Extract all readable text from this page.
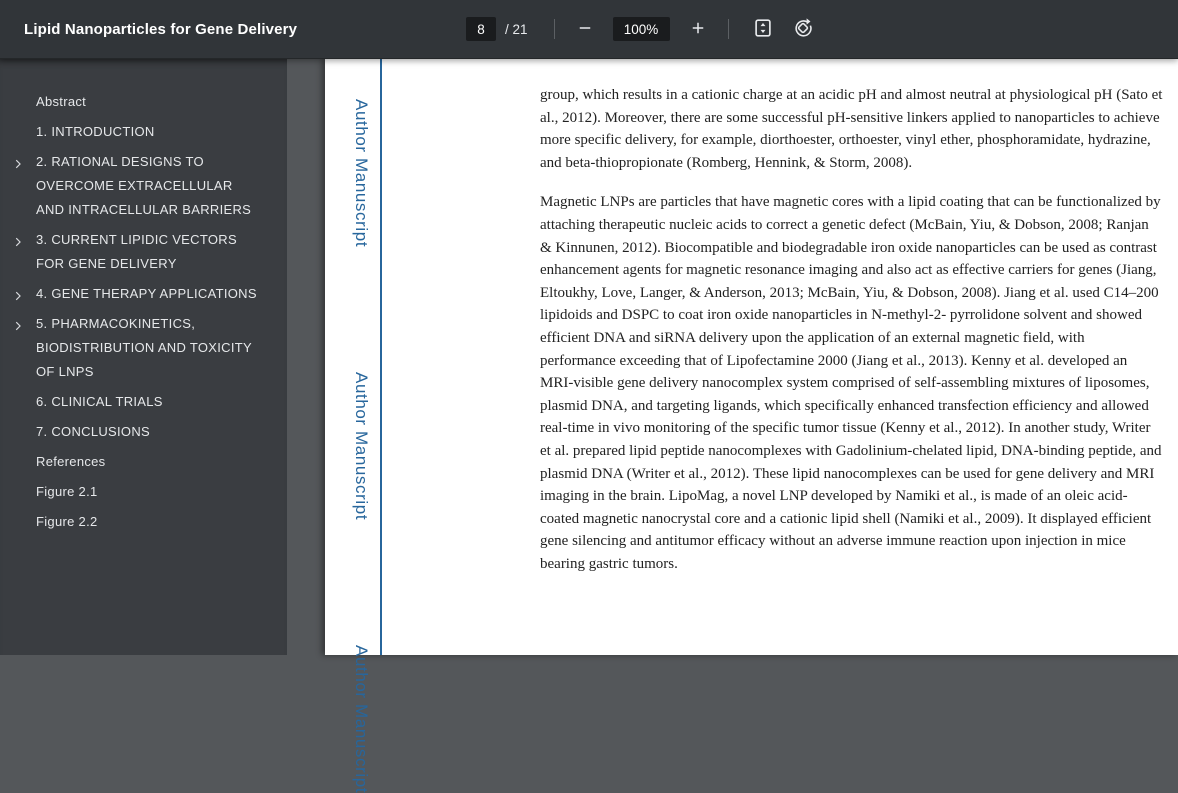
Lipid Nanoparticles for Gene Delivery
8	/ 21	100%
Abstract
1. INTRODUCTION
2. RATIONAL DESIGNS TO OVERCOME EXTRACELLULAR AND INTRACELLULAR BARRIERS
3. CURRENT LIPIDIC VECTORS FOR GENE DELIVERY
4. GENE THERAPY APPLICATIONS
5. PHARMACOKINETICS, BIODISTRIBUTION AND TOXICITY OF LNPS
6. CLINICAL TRIALS
7. CONCLUSIONS
References
Figure 2.1
Figure 2.2
Author Manuscript
Author Manuscript
Author Manuscript

group, which results in a cationic charge at an acidic pH and almost neutral at physiological pH (Sato et al., 2012). Moreover, there are some successful pH-sensitive linkers applied to nanoparticles to achieve more specific delivery, for example, diorthoester, orthoester, vinyl ether, phosphoramidate, hydrazine, and beta-thiopropionate (Romberg, Hennink, & Storm, 2008).

Magnetic LNPs are particles that have magnetic cores with a lipid coating that can be functionalized by attaching therapeutic nucleic acids to correct a genetic defect (McBain, Yiu, & Dobson, 2008; Ranjan & Kinnunen, 2012). Biocompatible and biodegradable iron oxide nanoparticles can be used as contrast enhancement agents for magnetic resonance imaging and also act as effective carriers for genes (Jiang, Eltoukhy, Love, Langer, & Anderson, 2013; McBain, Yiu, & Dobson, 2008). Jiang et al. used C14–200 lipidoids and DSPC to coat iron oxide nanoparticles in N-methyl-2- pyrrolidone solvent and showed efficient DNA and siRNA delivery upon the application of an external magnetic field, with performance exceeding that of Lipofectamine 2000 (Jiang et al., 2013). Kenny et al. developed an MRI-visible gene delivery nanocomplex system comprised of self-assembling mixtures of liposomes, plasmid DNA, and targeting ligands, which specifically enhanced transfection efficiency and allowed real-time in vivo monitoring of the specific tumor tissue (Kenny et al., 2012). In another study, Writer et al. prepared lipid peptide nanocomplexes with Gadolinium-chelated lipid, DNA-binding peptide, and plasmid DNA (Writer et al., 2012). These lipid nanocomplexes can be used for gene delivery and MRI imaging in the brain. LipoMag, a novel LNP developed by Namiki et al., is made of an oleic acid-coated magnetic nanocrystal core and a cationic lipid shell (Namiki et al., 2009). It displayed efficient gene silencing and antitumor efficacy without an adverse immune reaction upon injection in mice bearing gastric tumors.
